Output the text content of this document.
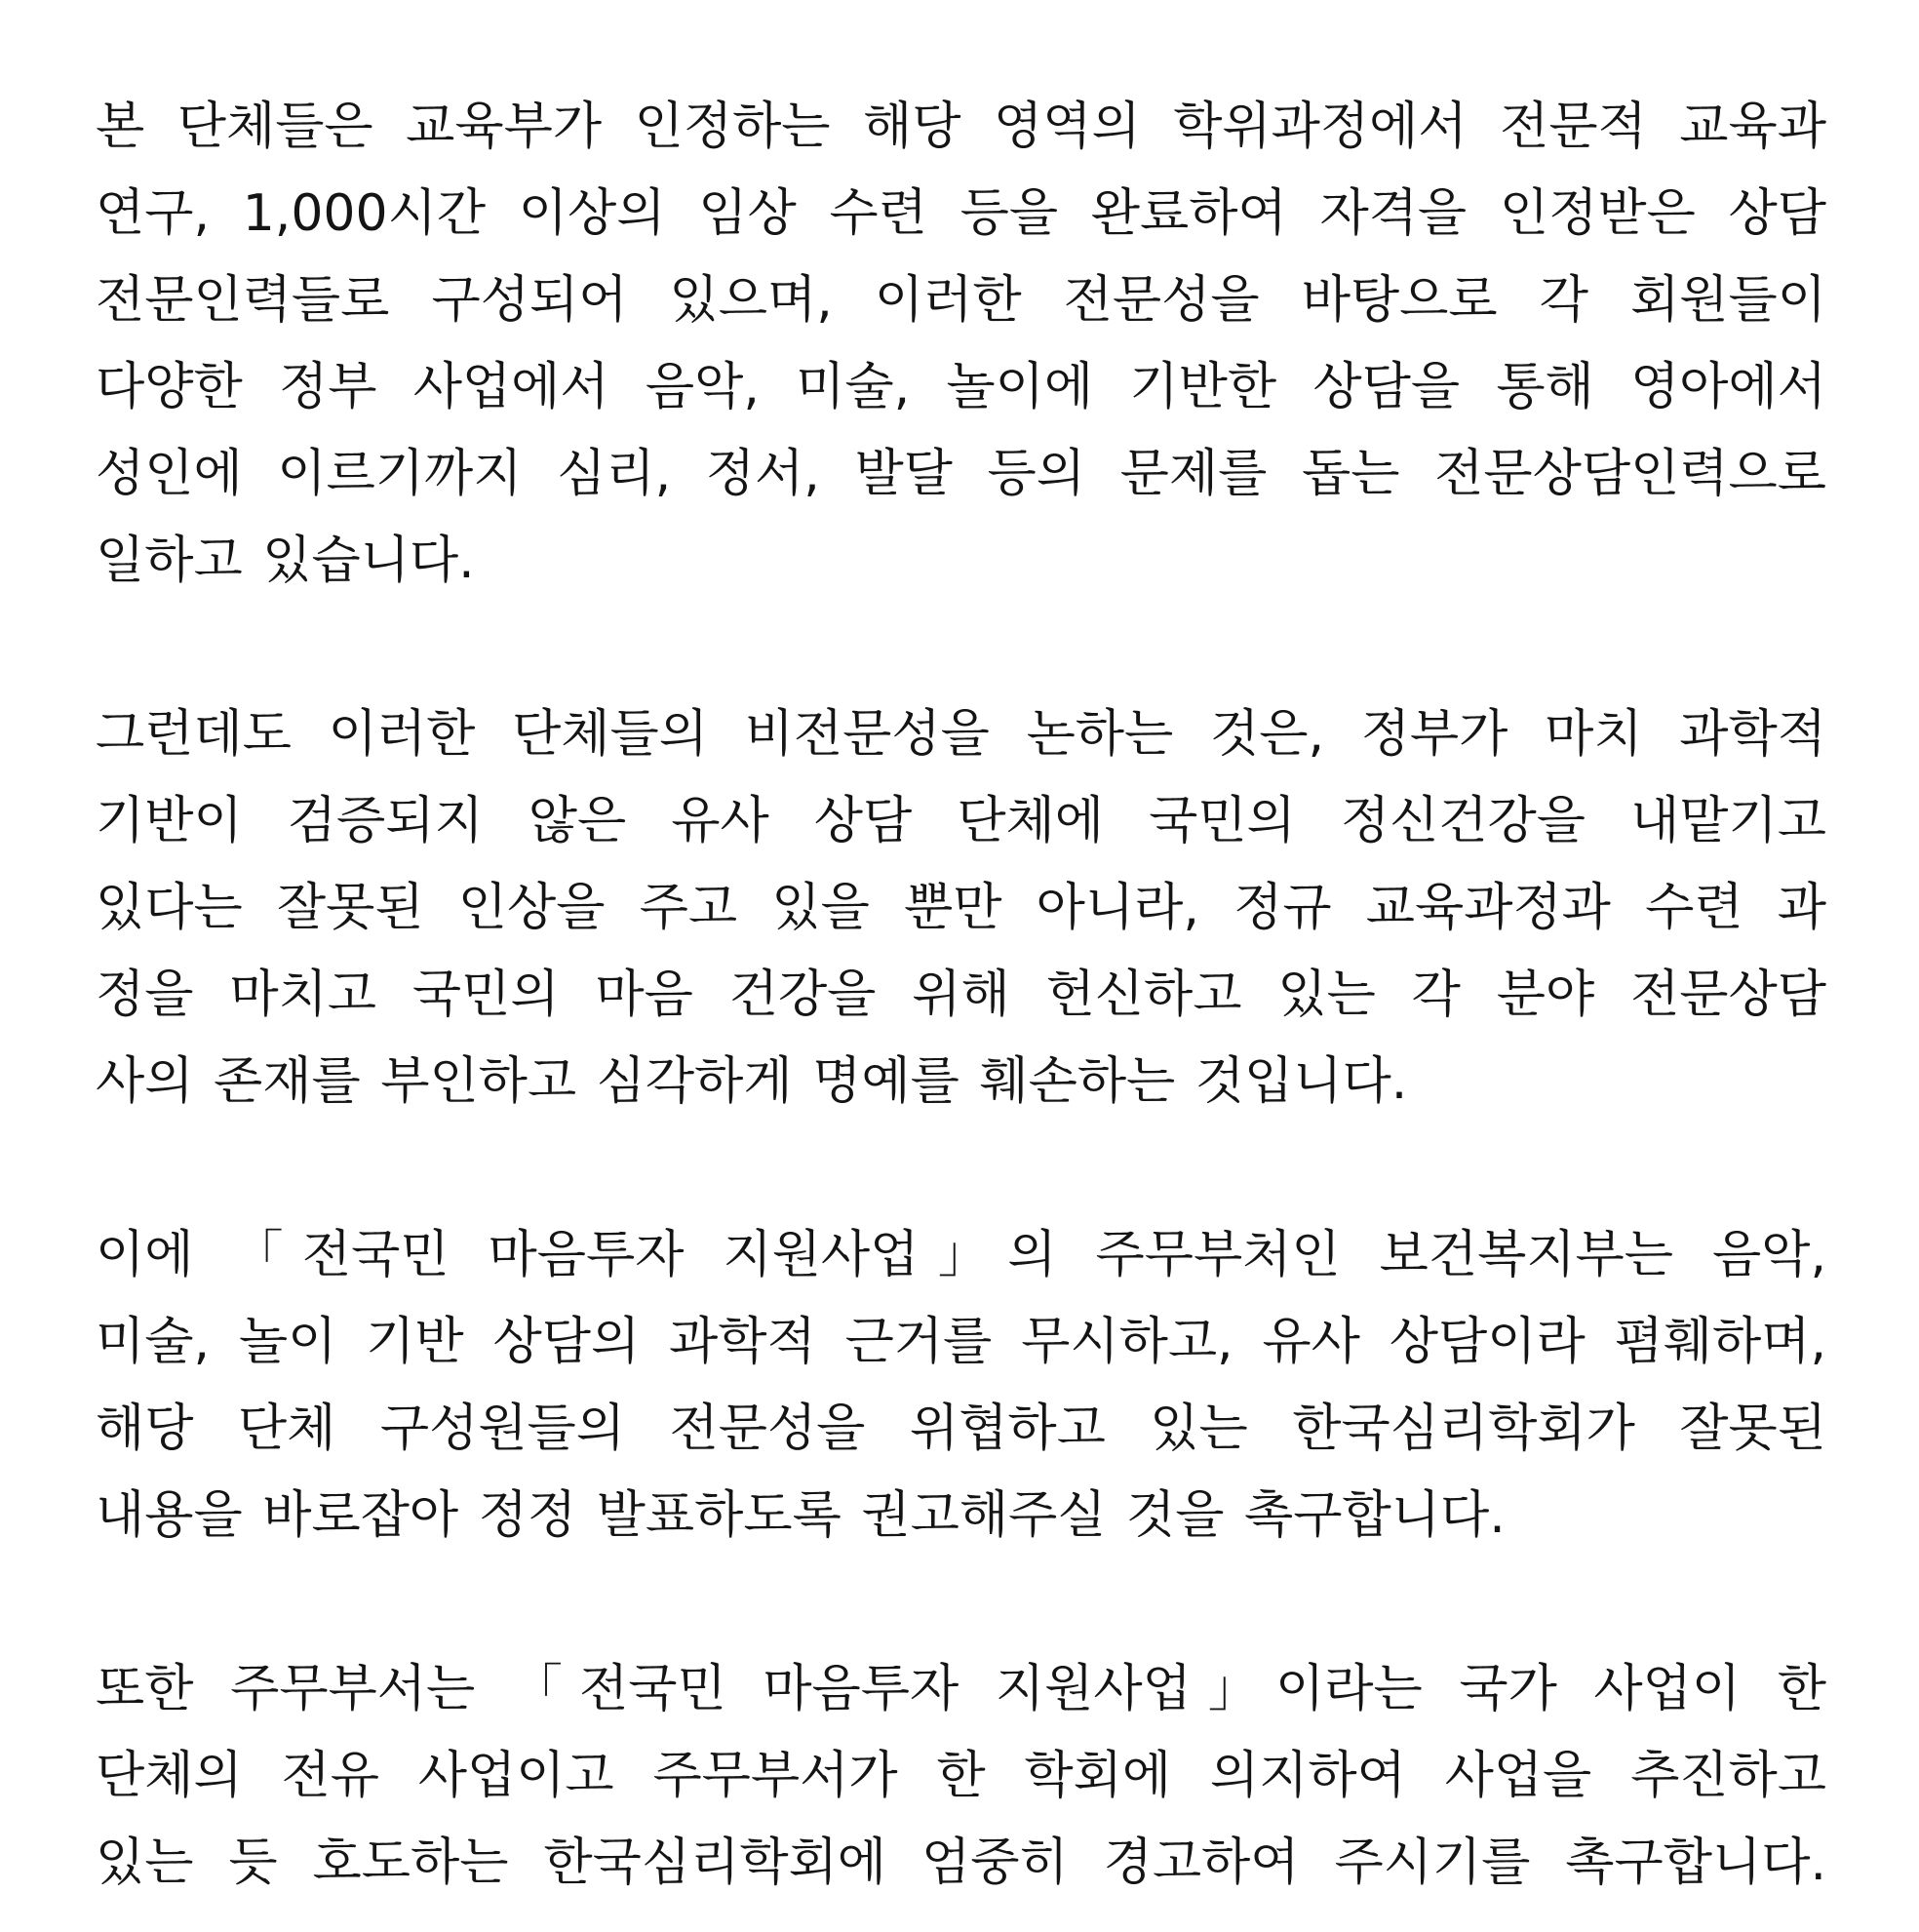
본 단체들은 교육부가 인정하는 해당 영역의 학위과정에서 전문적 교육과
연구, 1,000시간 이상의 임상 수련 등을 완료하여 자격을 인정받은 상담
전문인력들로 구성되어 있으며, 이러한 전문성을 바탕으로 각 회원들이
다양한 정부 사업에서 음악, 미술, 놀이에 기반한 상담을 통해 영아에서
성인에 이르기까지 심리, 정서, 발달 등의 문제를 돕는 전문상담인력으로
일하고 있습니다.

그런데도 이러한 단체들의 비전문성을 논하는 것은, 정부가 마치 과학적
기반이 검증되지 않은 유사 상담 단체에 국민의 정신건강을 내맡기고
있다는 잘못된 인상을 주고 있을 뿐만 아니라, 정규 교육과정과 수련 과
정을 마치고 국민의 마음 건강을 위해 헌신하고 있는 각 분야 전문상담
사의 존재를 부인하고 심각하게 명예를 훼손하는 것입니다.

이에 「전국민 마음투자 지원사업」의 주무부처인 보건복지부는 음악,
미술, 놀이 기반 상담의 과학적 근거를 무시하고, 유사 상담이라 폄훼하며,
해당 단체 구성원들의 전문성을 위협하고 있는 한국심리학회가 잘못된
내용을 바로잡아 정정 발표하도록 권고해주실 것을 촉구합니다.

또한 주무부서는 「전국민 마음투자 지원사업」이라는 국가 사업이 한
단체의 전유 사업이고 주무부서가 한 학회에 의지하여 사업을 추진하고
있는 듯 호도하는 한국심리학회에 엄중히 경고하여 주시기를 촉구합니다.
